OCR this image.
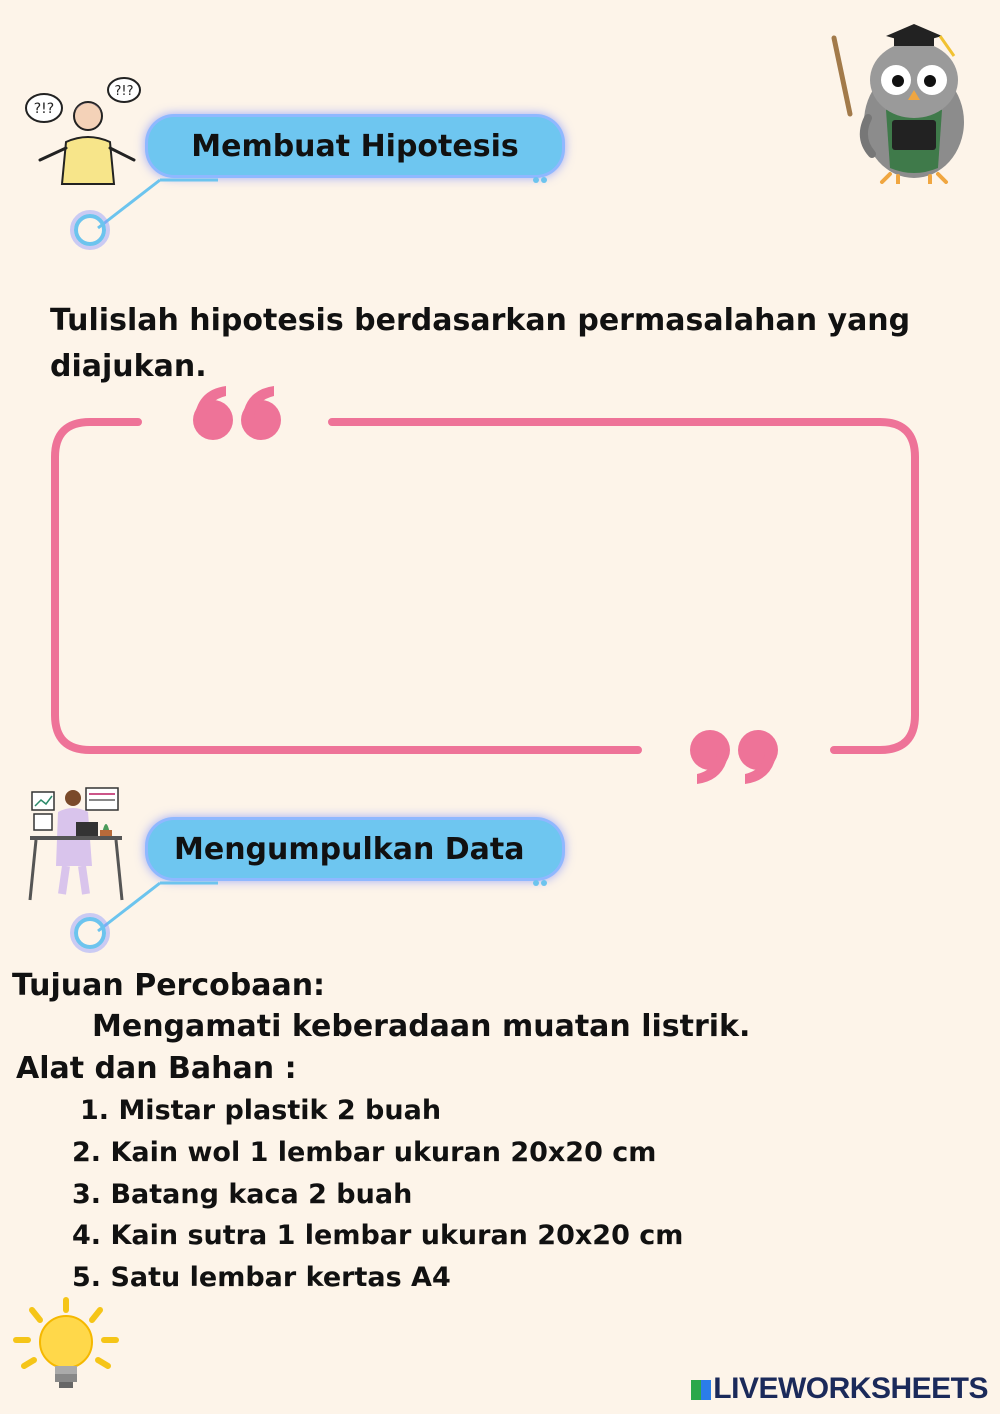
?!?
?!?
Membuat Hipotesis
Tulislah hipotesis berdasarkan permasalahan yang
diajukan.
Mengumpulkan Data
Tujuan Percobaan:
Mengamati keberadaan muatan listrik.
Alat dan Bahan :
1. Mistar plastik 2 buah
2. Kain wol 1 lembar ukuran 20x20 cm
3. Batang kaca 2 buah
4. Kain sutra 1 lembar ukuran 20x20 cm
5. Satu lembar kertas A4
LIVEWORKSHEETS
